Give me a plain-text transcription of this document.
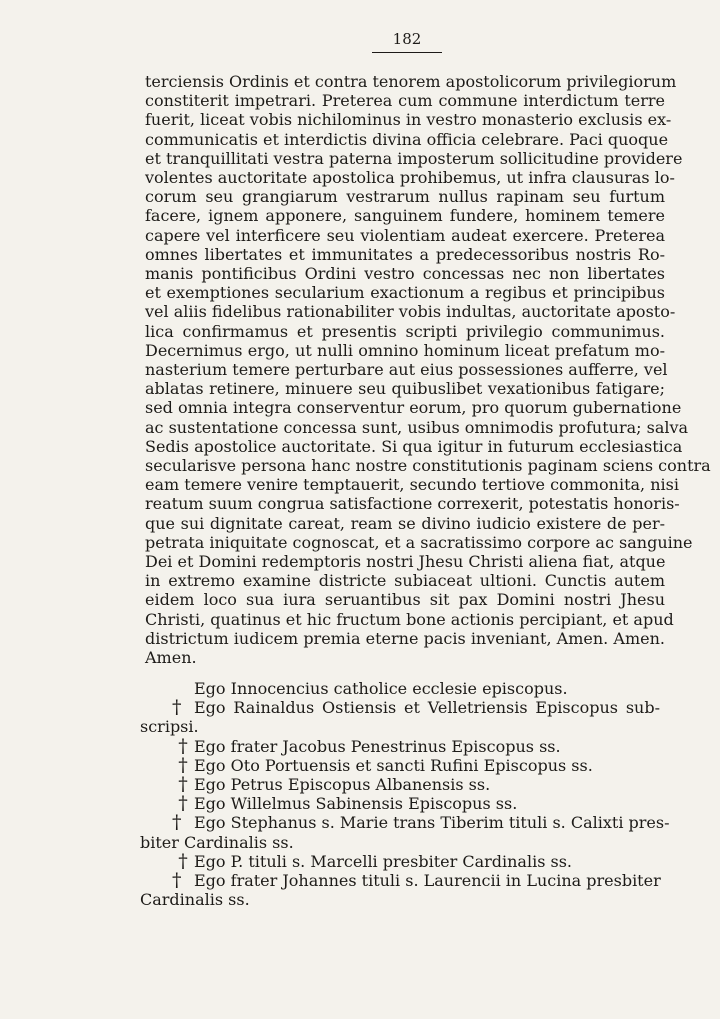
182
terciensis Ordinis et contra tenorem apostolicorum privilegiorum
constiterit impetrari. Preterea cum commune interdictum terre
fuerit, liceat vobis nichilominus in vestro monasterio exclusis ex-
communicatis et interdictis divina officia celebrare. Paci quoque
et tranquillitati vestra paterna imposterum sollicitudine providere
volentes auctoritate apostolica prohibemus, ut infra clausuras lo-
corum seu grangiarum vestrarum nullus rapinam seu furtum
facere, ignem apponere, sanguinem fundere, hominem temere
capere vel interficere seu violentiam audeat exercere. Preterea
omnes libertates et immunitates a predecessoribus nostris Ro-
manis pontificibus Ordini vestro concessas nec non libertates
et exemptiones secularium exactionum a regibus et principibus
vel aliis fidelibus rationabiliter vobis indultas, auctoritate aposto-
lica confirmamus et presentis scripti privilegio communimus.
Decernimus ergo, ut nulli omnino hominum liceat prefatum mo-
nasterium temere perturbare aut eius possessiones aufferre, vel
ablatas retinere, minuere seu quibuslibet vexationibus fatigare;
sed omnia integra conserventur eorum, pro quorum gubernatione
ac sustentatione concessa sunt, usibus omnimodis profutura; salva
Sedis apostolice auctoritate. Si qua igitur in futurum ecclesiastica
secularisve persona hanc nostre constitutionis paginam sciens contra
eam temere venire temptauerit, secundo tertiove commonita, nisi
reatum suum congrua satisfactione correxerit, potestatis honoris-
que sui dignitate careat, ream se divino iudicio existere de per-
petrata iniquitate cognoscat, et a sacratissimo corpore ac sanguine
Dei et Domini redemptoris nostri Jhesu Christi aliena fiat, atque
in extremo examine districte subiaceat ultioni. Cunctis autem
eidem loco sua iura seruantibus sit pax Domini nostri Jhesu
Christi, quatinus et hic fructum bone actionis percipiant, et apud
districtum iudicem premia eterne pacis inveniant, Amen. Amen.
Amen.
Ego Innocencius catholice ecclesie episcopus.
† Ego Rainaldus Ostiensis et Velletriensis Episcopus sub-
scripsi.
† Ego frater Jacobus Penestrinus Episcopus ss.
† Ego Oto Portuensis et sancti Rufini Episcopus ss.
† Ego Petrus Episcopus Albanensis ss.
† Ego Willelmus Sabinensis Episcopus ss.
† Ego Stephanus s. Marie trans Tiberim tituli s. Calixti pres-
biter Cardinalis ss.
† Ego P. tituli s. Marcelli presbiter Cardinalis ss.
† Ego frater Johannes tituli s. Laurencii in Lucina presbiter
Cardinalis ss.
